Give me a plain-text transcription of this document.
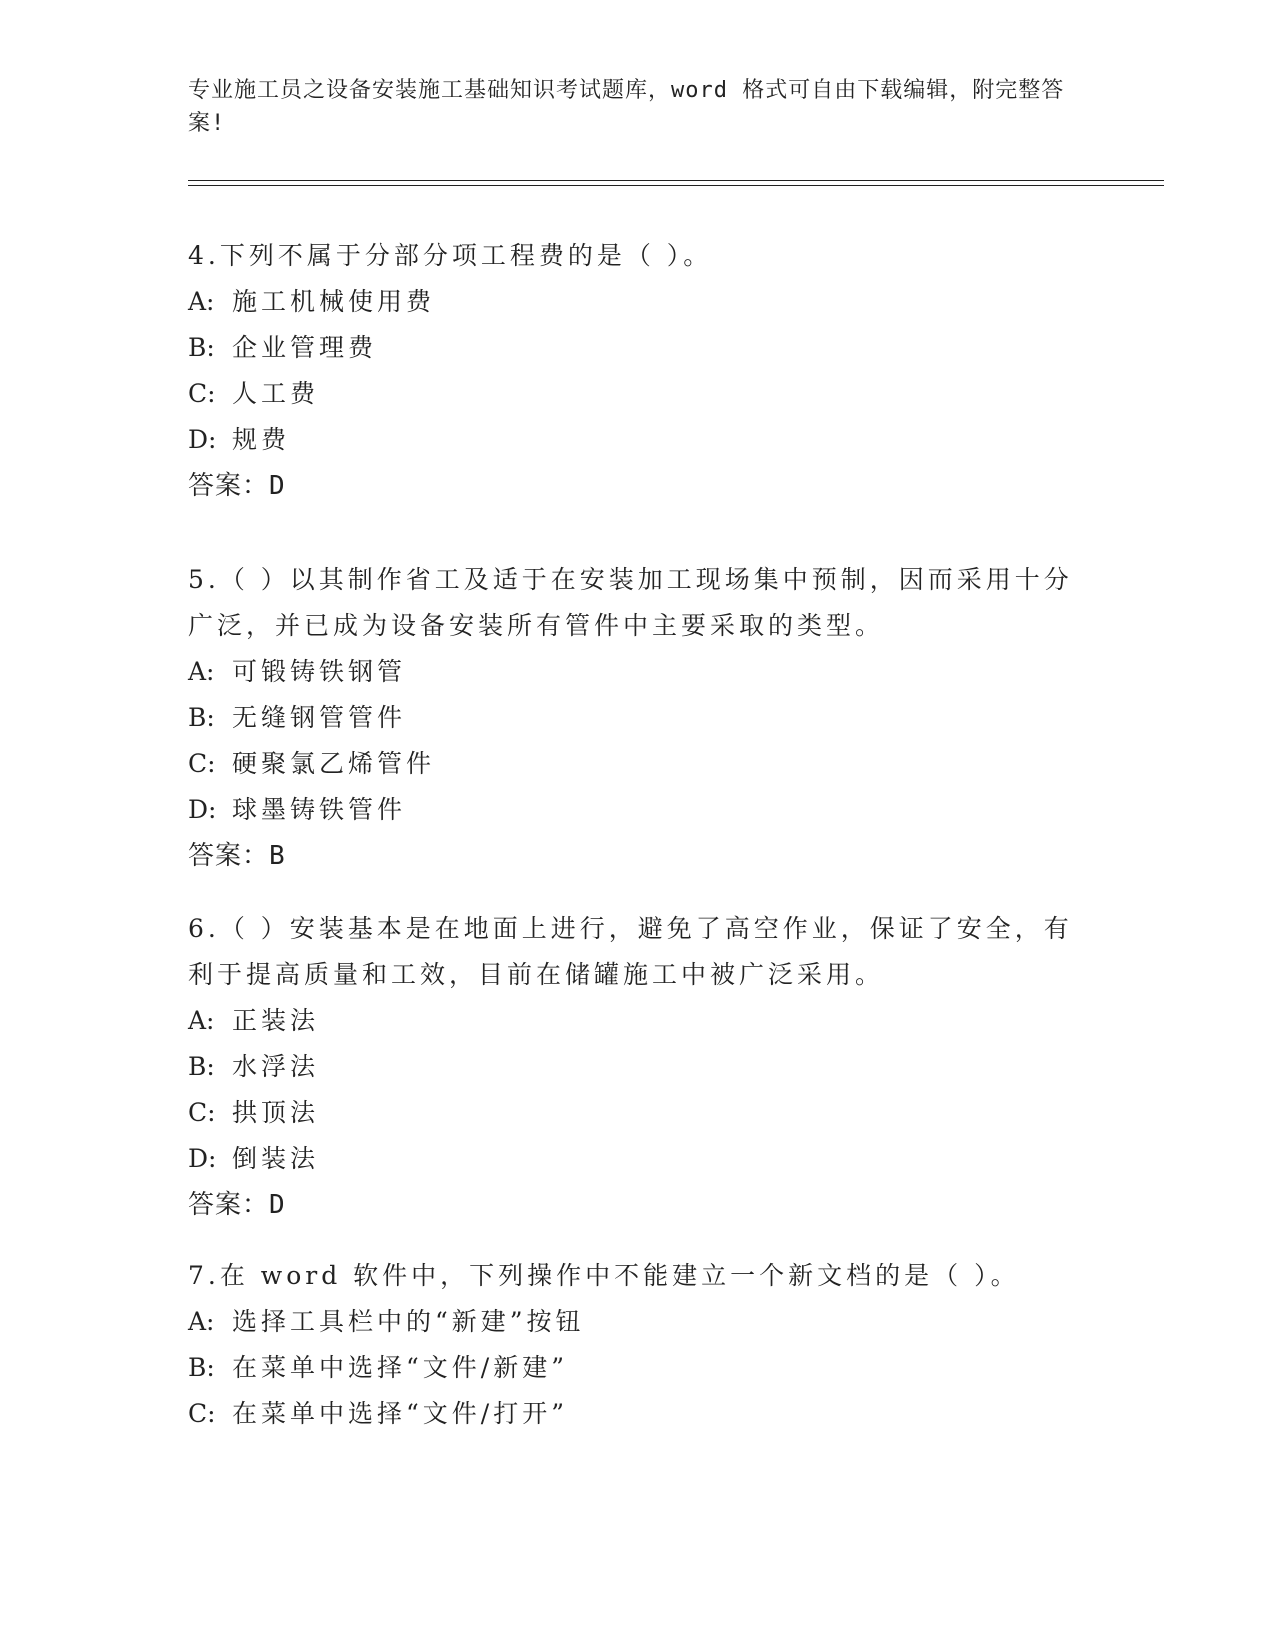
专业施工员之设备安装施工基础知识考试题库，word 格式可自由下载编辑，附完整答案!

4.下列不属于分部分项工程费的是（ ）。

A: 施工机械使用费

B: 企业管理费

C: 人工费

D: 规费

答案： D

5.（ ）以其制作省工及适于在安装加工现场集中预制，因而采用十分广泛，并已成为设备安装所有管件中主要采取的类型。

A: 可锻铸铁钢管

B: 无缝钢管管件

C: 硬聚氯乙烯管件

D: 球墨铸铁管件

答案： B

6.（ ）安装基本是在地面上进行，避免了高空作业，保证了安全，有利于提高质量和工效，目前在储罐施工中被广泛采用。

A: 正装法

B: 水浮法

C: 拱顶法

D: 倒装法

答案： D

7.在 word 软件中，下列操作中不能建立一个新文档的是（ ）。

A: 选择工具栏中的“新建”按钮

B: 在菜单中选择“文件/新建”

C: 在菜单中选择“文件/打开”
